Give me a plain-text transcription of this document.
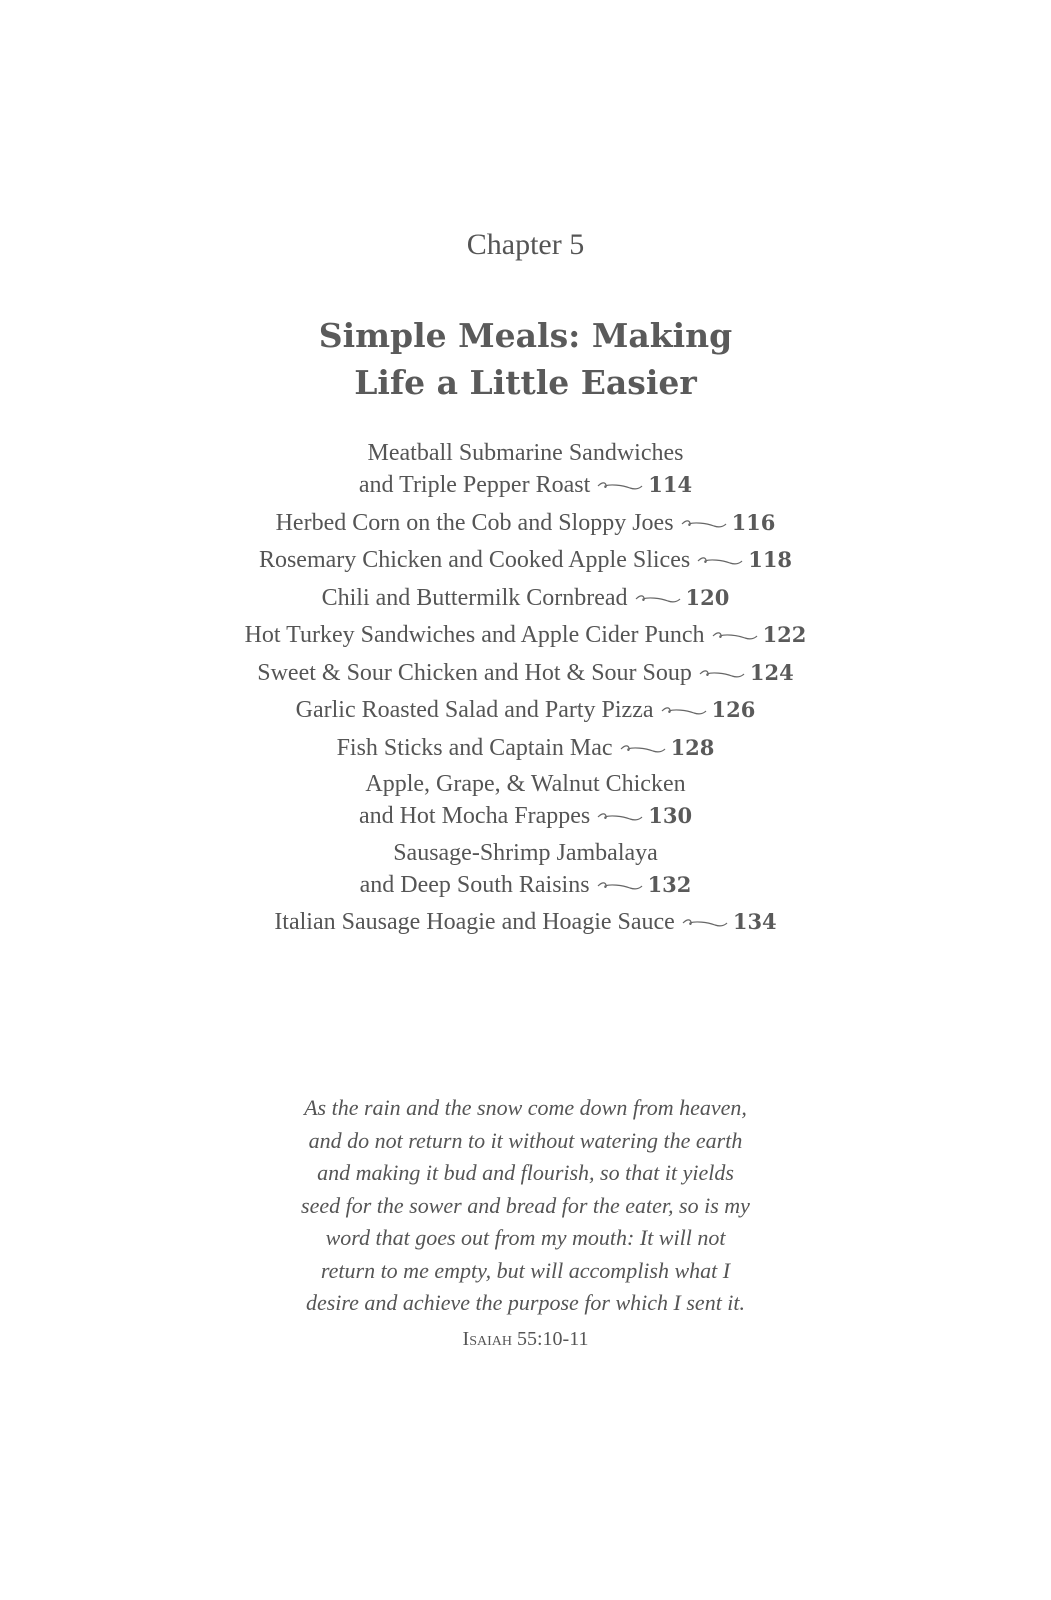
Chapter 5
Simple Meals: Making
Life a Little Easier
Meatball Submarine Sandwiches
and Triple Pepper Roast	114
Herbed Corn on the Cob and Sloppy Joes	116
Rosemary Chicken and Cooked Apple Slices	118
Chili and Buttermilk Cornbread	120
Hot Turkey Sandwiches and Apple Cider Punch	122
Sweet & Sour Chicken and Hot & Sour Soup	124
Garlic Roasted Salad and Party Pizza	126
Fish Sticks and Captain Mac	128
Apple, Grape, & Walnut Chicken
and Hot Mocha Frappes	130
Sausage-Shrimp Jambalaya
and Deep South Raisins	132
Italian Sausage Hoagie and Hoagie Sauce	134
As the rain and the snow come down from heaven,
and do not return to it without watering the earth
and making it bud and flourish, so that it yields
seed for the sower and bread for the eater, so is my
word that goes out from my mouth: It will not
return to me empty, but will accomplish what I
desire and achieve the purpose for which I sent it.
Isaiah 55:10-11
